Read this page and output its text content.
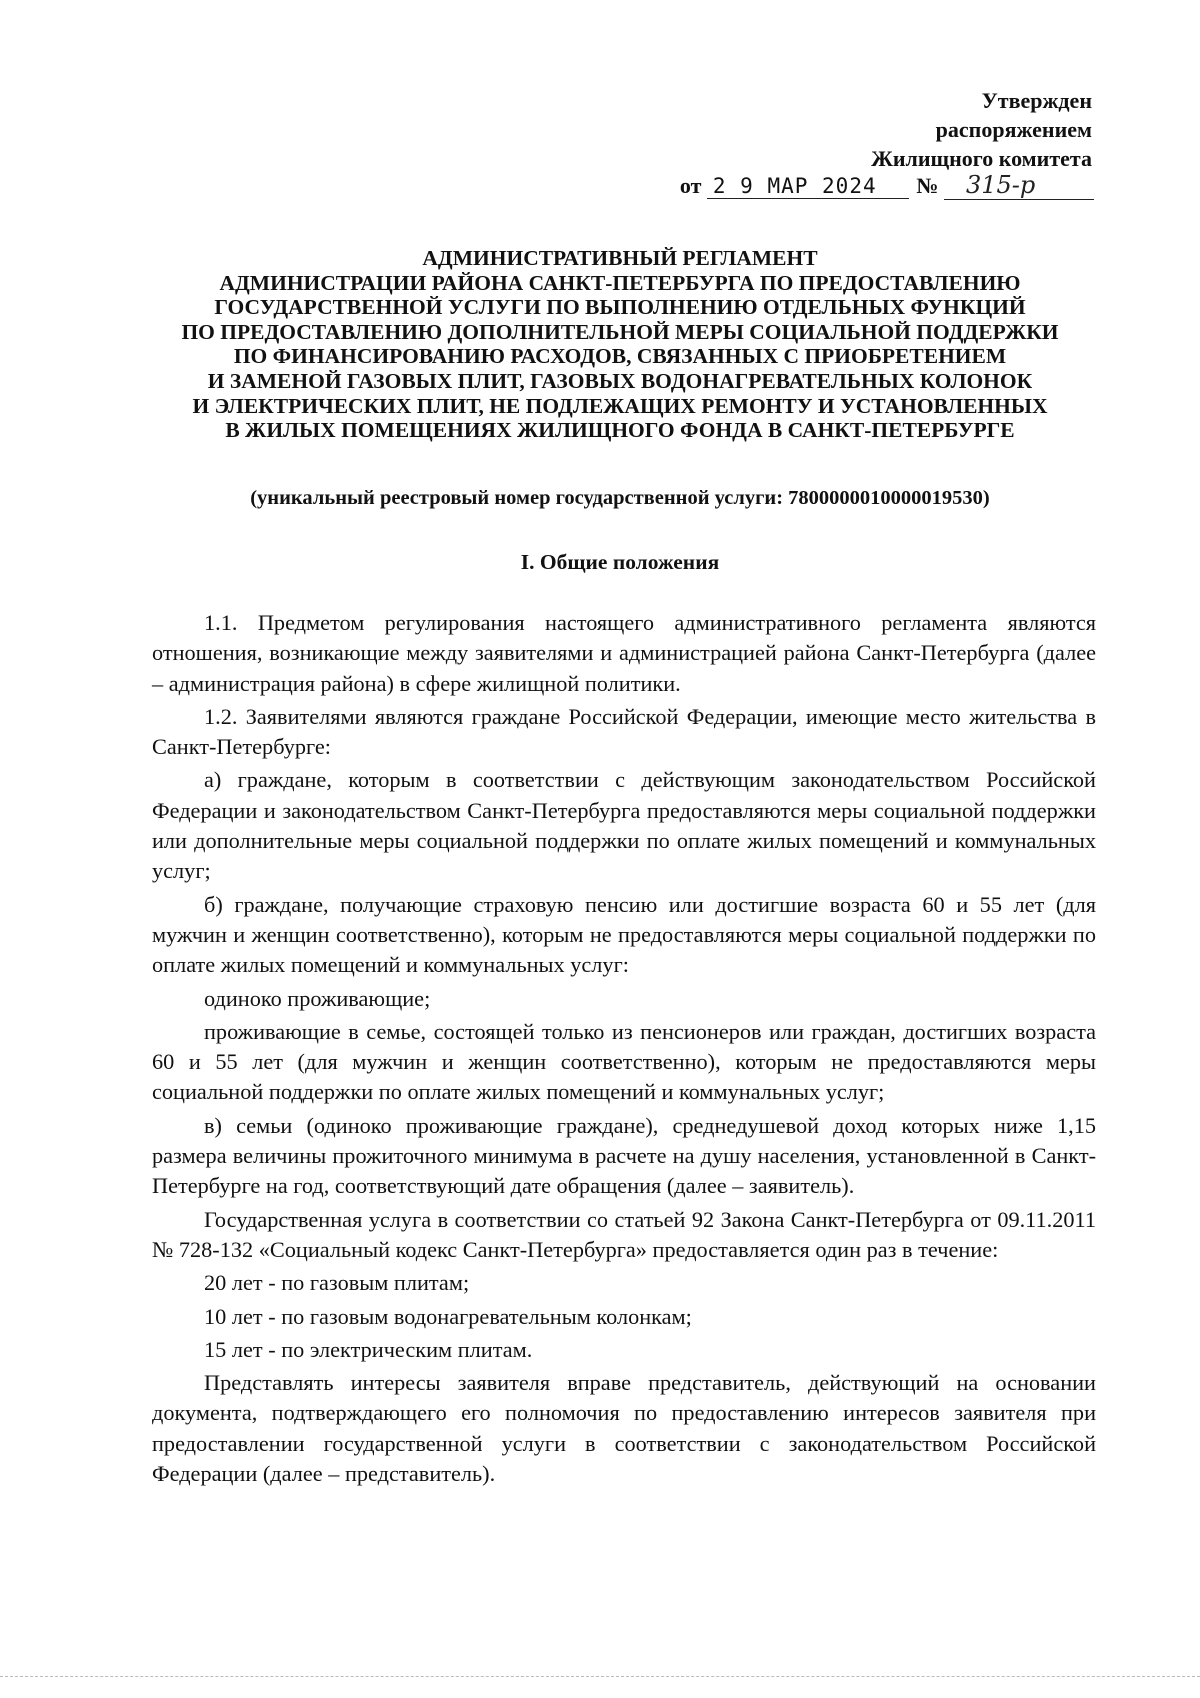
Утвержден
распоряжением
Жилищного комитета
от 2 9 МАР 2024 № 315-р
АДМИНИСТРАТИВНЫЙ РЕГЛАМЕНТ
АДМИНИСТРАЦИИ РАЙОНА САНКТ-ПЕТЕРБУРГА ПО ПРЕДОСТАВЛЕНИЮ
ГОСУДАРСТВЕННОЙ УСЛУГИ ПО ВЫПОЛНЕНИЮ ОТДЕЛЬНЫХ ФУНКЦИЙ
ПО ПРЕДОСТАВЛЕНИЮ ДОПОЛНИТЕЛЬНОЙ МЕРЫ СОЦИАЛЬНОЙ ПОДДЕРЖКИ
ПО ФИНАНСИРОВАНИЮ РАСХОДОВ, СВЯЗАННЫХ С ПРИОБРЕТЕНИЕМ
И ЗАМЕНОЙ ГАЗОВЫХ ПЛИТ, ГАЗОВЫХ ВОДОНАГРЕВАТЕЛЬНЫХ КОЛОНОК
И ЭЛЕКТРИЧЕСКИХ ПЛИТ, НЕ ПОДЛЕЖАЩИХ РЕМОНТУ И УСТАНОВЛЕННЫХ
В ЖИЛЫХ ПОМЕЩЕНИЯХ ЖИЛИЩНОГО ФОНДА В САНКТ-ПЕТЕРБУРГЕ
(уникальный реестровый номер государственной услуги: 7800000010000019530)
I. Общие положения

1.1. Предметом регулирования настоящего административного регламента являются отношения, возникающие между заявителями и администрацией района Санкт-Петербурга (далее – администрация района) в сфере жилищной политики.

1.2. Заявителями являются граждане Российской Федерации, имеющие место жительства в Санкт-Петербурге:

а) граждане, которым в соответствии с действующим законодательством Российской Федерации и законодательством Санкт-Петербурга предоставляются меры социальной поддержки или дополнительные меры социальной поддержки по оплате жилых помещений и коммунальных услуг;

б) граждане, получающие страховую пенсию или достигшие возраста 60 и 55 лет (для мужчин и женщин соответственно), которым не предоставляются меры социальной поддержки по оплате жилых помещений и коммунальных услуг:

одиноко проживающие;

проживающие в семье, состоящей только из пенсионеров или граждан, достигших возраста 60 и 55 лет (для мужчин и женщин соответственно), которым не предоставляются меры социальной поддержки по оплате жилых помещений и коммунальных услуг;

в) семьи (одиноко проживающие граждане), среднедушевой доход которых ниже 1,15 размера величины прожиточного минимума в расчете на душу населения, установленной в Санкт-Петербурге на год, соответствующий дате обращения (далее – заявитель).

Государственная услуга в соответствии со статьей 92 Закона Санкт-Петербурга от 09.11.2011 № 728-132 «Социальный кодекс Санкт-Петербурга» предоставляется один раз в течение:

20 лет - по газовым плитам;

10 лет - по газовым водонагревательным колонкам;

15 лет - по электрическим плитам.

Представлять интересы заявителя вправе представитель, действующий на основании документа, подтверждающего его полномочия по предоставлению интересов заявителя при предоставлении государственной услуги в соответствии с законодательством Российской Федерации (далее – представитель).
